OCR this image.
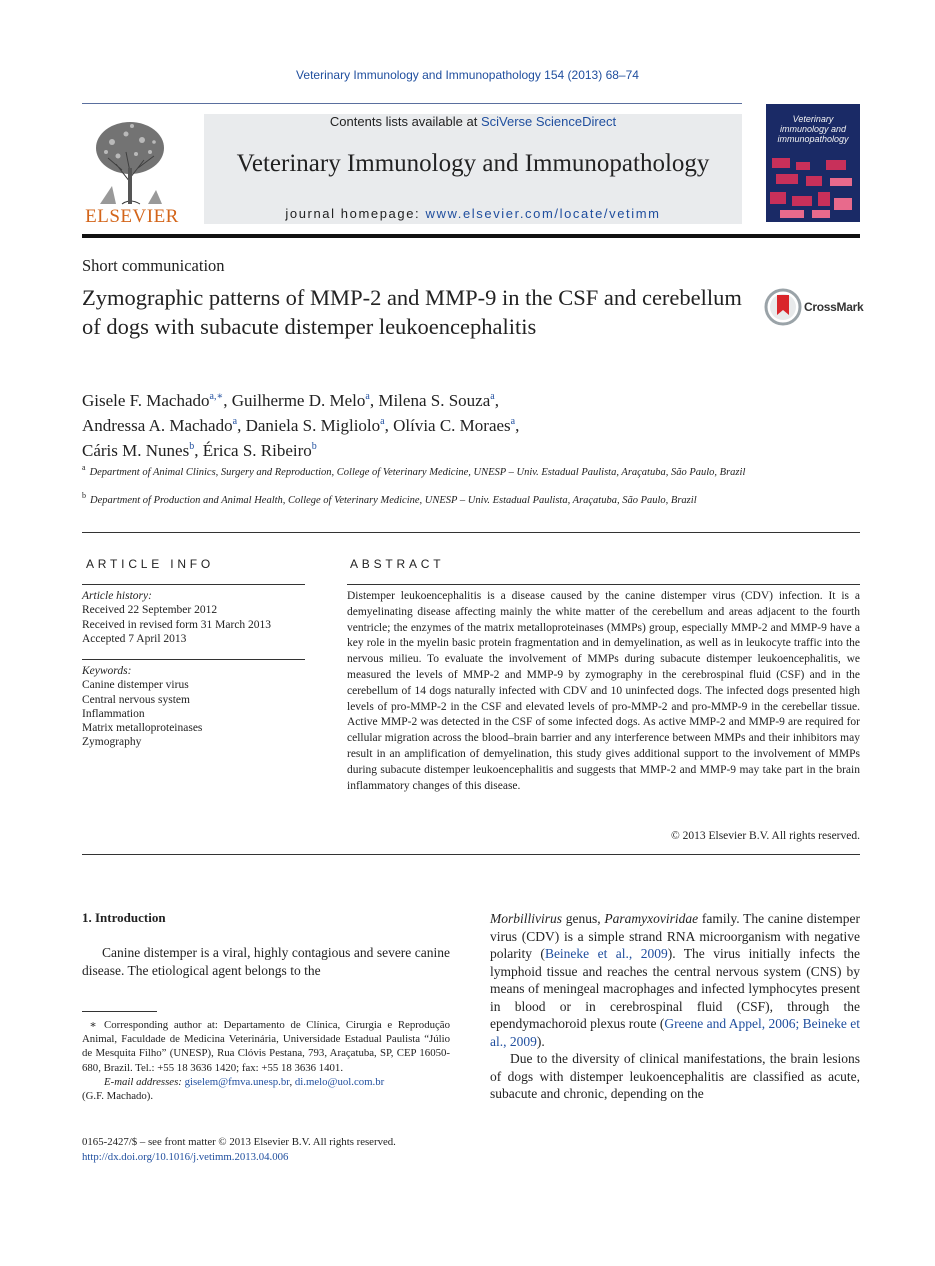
Veterinary Immunology and Immunopathology 154 (2013) 68–74
ELSEVIER
Contents lists available at SciVerse ScienceDirect
Veterinary Immunology and Immunopathology
journal homepage: www.elsevier.com/locate/vetimm
Veterinary immunology and immunopathology
Short communication
Zymographic patterns of MMP-2 and MMP-9 in the CSF and cerebellum of dogs with subacute distemper leukoencephalitis
CrossMark
Gisele F. Machado$^{a,∗}$, Guilherme D. Melo$^a$, Milena S. Souza$^a$,
Andressa A. Machado$^a$, Daniela S. Migliolo$^a$, Olívia C. Moraes$^a$,
Cáris M. Nunes$^b$, Érica S. Ribeiro$^b$
$^a$ Department of Animal Clinics, Surgery and Reproduction, College of Veterinary Medicine, UNESP – Univ. Estadual Paulista, Araçatuba, São Paulo, Brazil
$^b$ Department of Production and Animal Health, College of Veterinary Medicine, UNESP – Univ. Estadual Paulista, Araçatuba, São Paulo, Brazil
ARTICLE INFO
Article history:
Received 22 September 2012
Received in revised form 31 March 2013
Accepted 7 April 2013
Keywords:
Canine distemper virus
Central nervous system
Inflammation
Matrix metalloproteinases
Zymography
ABSTRACT
Distemper leukoencephalitis is a disease caused by the canine distemper virus (CDV) infection. It is a demyelinating disease affecting mainly the white matter of the cerebellum and areas adjacent to the fourth ventricle; the enzymes of the matrix metalloproteinases (MMPs) group, especially MMP-2 and MMP-9 have a key role in the myelin basic protein fragmentation and in demyelination, as well as in leukocyte traffic into the nervous milieu. To evaluate the involvement of MMPs during subacute distemper leukoencephalitis, we measured the levels of MMP-2 and MMP-9 by zymography in the cerebrospinal fluid (CSF) and in the cerebellum of 14 dogs naturally infected with CDV and 10 uninfected dogs. The infected dogs presented high levels of pro-MMP-2 in the CSF and elevated levels of pro-MMP-2 and pro-MMP-9 in the cerebellar tissue. Active MMP-2 was detected in the CSF of some infected dogs. As active MMP-2 and MMP-9 are required for cellular migration across the blood–brain barrier and any interference between MMPs and their inhibitors may result in an amplification of demyelination, this study gives additional support to the involvement of MMPs during subacute distemper leukoencephalitis and suggests that MMP-2 and MMP-9 may take part in the brain inflammatory changes of this disease.
© 2013 Elsevier B.V. All rights reserved.
1. Introduction
Canine distemper is a viral, highly contagious and severe canine disease. The etiological agent belongs to the

Morbillivirus genus, Paramyxoviridae family. The canine distemper virus (CDV) is a simple strand RNA microorganism with negative polarity (Beineke et al., 2009). The virus initially infects the lymphoid tissue and reaches the central nervous system (CNS) by means of meningeal macrophages and infected lymphocytes present in blood or in cerebrospinal fluid (CSF), through the ependymachoroid plexus route (Greene and Appel, 2006; Beineke et al., 2009).

Due to the diversity of clinical manifestations, the brain lesions of dogs with distemper leukoencephalitis are classified as acute, subacute and chronic, depending on the

∗ Corresponding author at: Departamento de Clínica, Cirurgia e Reprodução Animal, Faculdade de Medicina Veterinária, Universidade Estadual Paulista “Júlio de Mesquita Filho” (UNESP), Rua Clóvis Pestana, 793, Araçatuba, SP, CEP 16050-680, Brazil. Tel.: +55 18 3636 1420; fax: +55 18 3636 1401.
E-mail addresses: giselem@fmva.unesp.br, di.melo@uol.com.br
(G.F. Machado).
0165-2427/$ – see front matter © 2013 Elsevier B.V. All rights reserved.
http://dx.doi.org/10.1016/j.vetimm.2013.04.006
